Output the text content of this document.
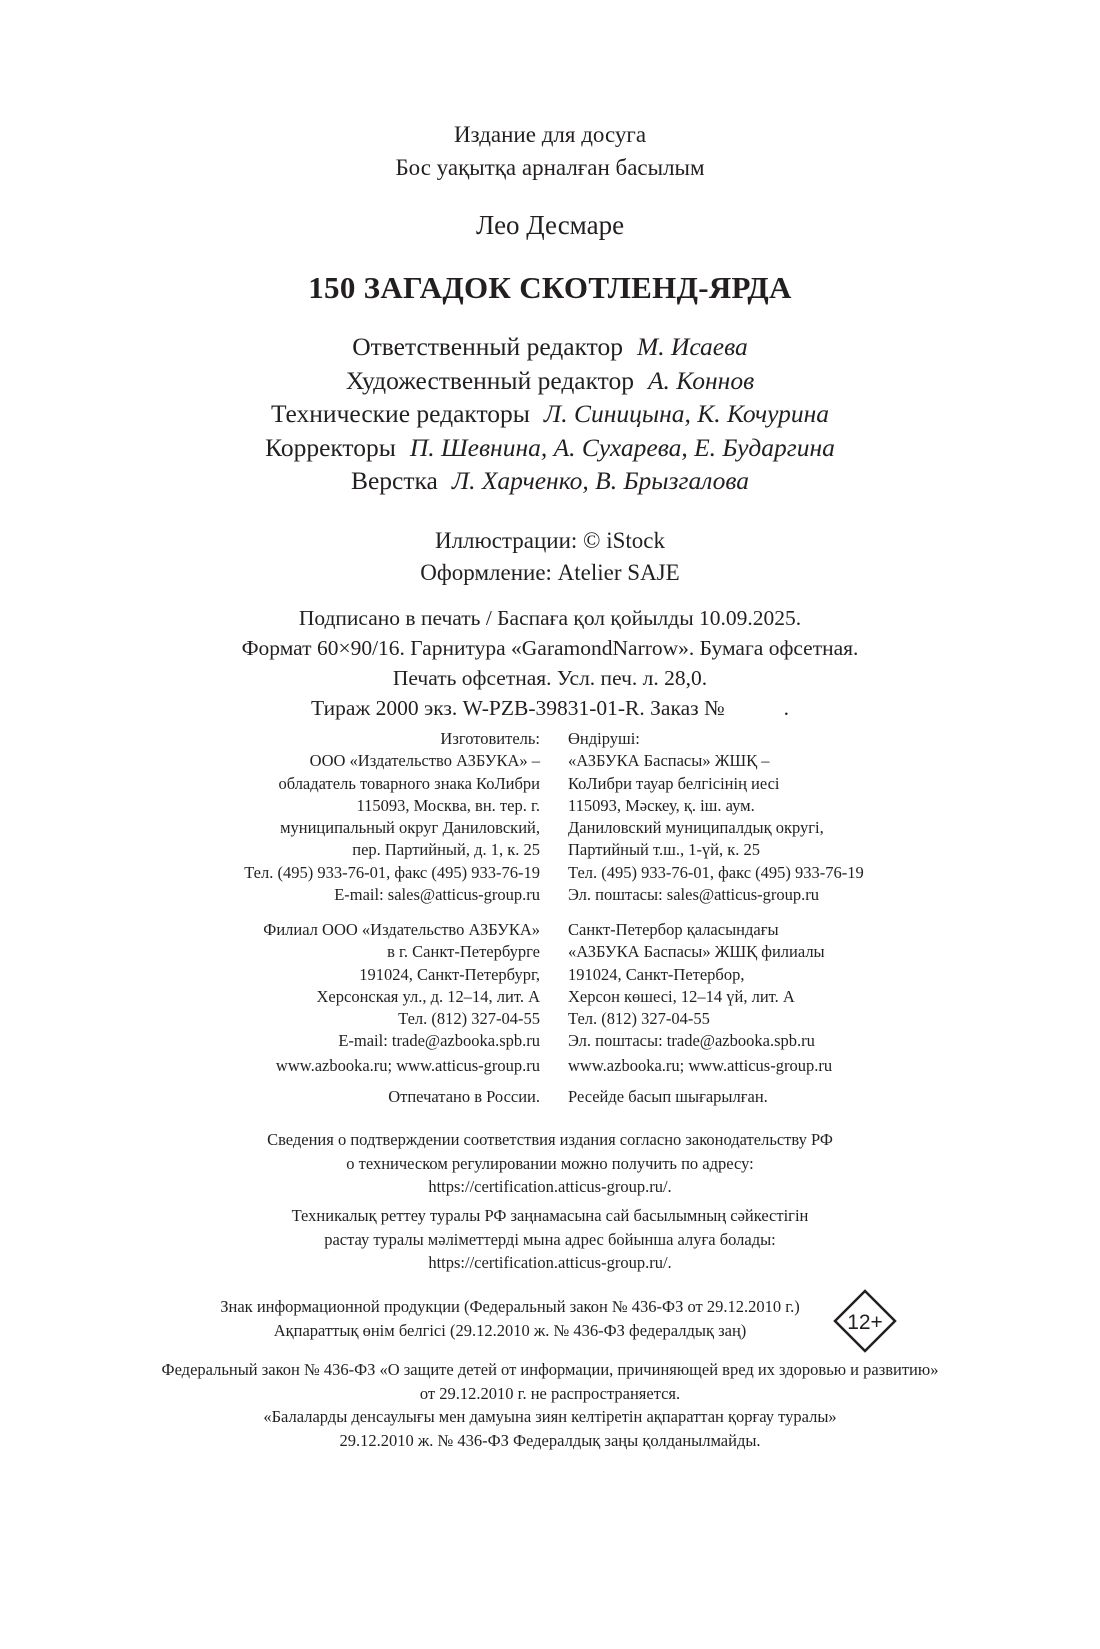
Издание для досуга
Бос уақытқа арналған басылым
Лео Десмаре
150 ЗАГАДОК СКОТЛЕНД-ЯРДА
Ответственный редактор М. Исаева
Художественный редактор А. Коннов
Технические редакторы Л. Синицына, К. Кочурина
Корректоры П. Шевнина, А. Сухарева, Е. Бударгина
Верстка Л. Харченко, В. Брызгалова
Иллюстрации: © iStock
Оформление: Atelier SAJE
Подписано в печать / Баспаға қол қойылды 10.09.2025.
Формат 60×90/16. Гарнитура «GaramondNarrow». Бумага офсетная.
Печать офсетная. Усл. печ. л. 28,0.
Тираж 2000 экз. W-PZB-39831-01-R. Заказ №           .
Изготовитель:
ООО «Издательство АЗБУКА» –
обладатель товарного знака КоЛибри
115093, Москва, вн. тер. г.
муниципальный округ Даниловский,
пер. Партийный, д. 1, к. 25
Тел. (495) 933-76-01, факс (495) 933-76-19
E-mail: sales@atticus-group.ru
Филиал ООО «Издательство АЗБУКА»
в г. Санкт-Петербурге
191024, Санкт-Петербург,
Херсонская ул., д. 12–14, лит. А
Тел. (812) 327-04-55
E-mail: trade@azbooka.spb.ru
www.azbooka.ru; www.atticus-group.ru
Отпечатано в России.
Өндіруші:
«АЗБУКА Баспасы» ЖШҚ –
КоЛибри тауар белгісінің иесі
115093, Мәскеу, қ. іш. аум.
Даниловский муниципалдық округі,
Партийный т.ш., 1-үй, к. 25
Тел. (495) 933-76-01, факс (495) 933-76-19
Эл. поштасы: sales@atticus-group.ru
Санкт-Петербор қаласындағы
«АЗБУКА Баспасы» ЖШҚ филиалы
191024, Санкт-Петербор,
Херсон көшесі, 12–14 үй, лит. А
Тел. (812) 327-04-55
Эл. поштасы: trade@azbooka.spb.ru
www.azbooka.ru; www.atticus-group.ru
Ресейде басып шығарылған.
Сведения о подтверждении соответствия издания согласно законодательству РФ
о техническом регулировании можно получить по адресу:
https://certification.atticus-group.ru/.
Техникалық реттеу туралы РФ заңнамасына сай басылымның сәйкестігін
растау туралы мәліметтерді мына адрес бойынша алуға болады:
https://certification.atticus-group.ru/.
Знак информационной продукции (Федеральный закон № 436-ФЗ от 29.12.2010 г.)
Ақпараттық өнім белгісі (29.12.2010 ж. № 436-ФЗ федералдық заң)	12+
Федеральный закон № 436-ФЗ «О защите детей от информации, причиняющей вред их здоровью и развитию»
от 29.12.2010 г. не распространяется.
«Балаларды денсаулығы мен дамуына зиян келтіретін ақпараттан қорғау туралы»
29.12.2010 ж. № 436-ФЗ Федералдық заңы қолданылмайды.
